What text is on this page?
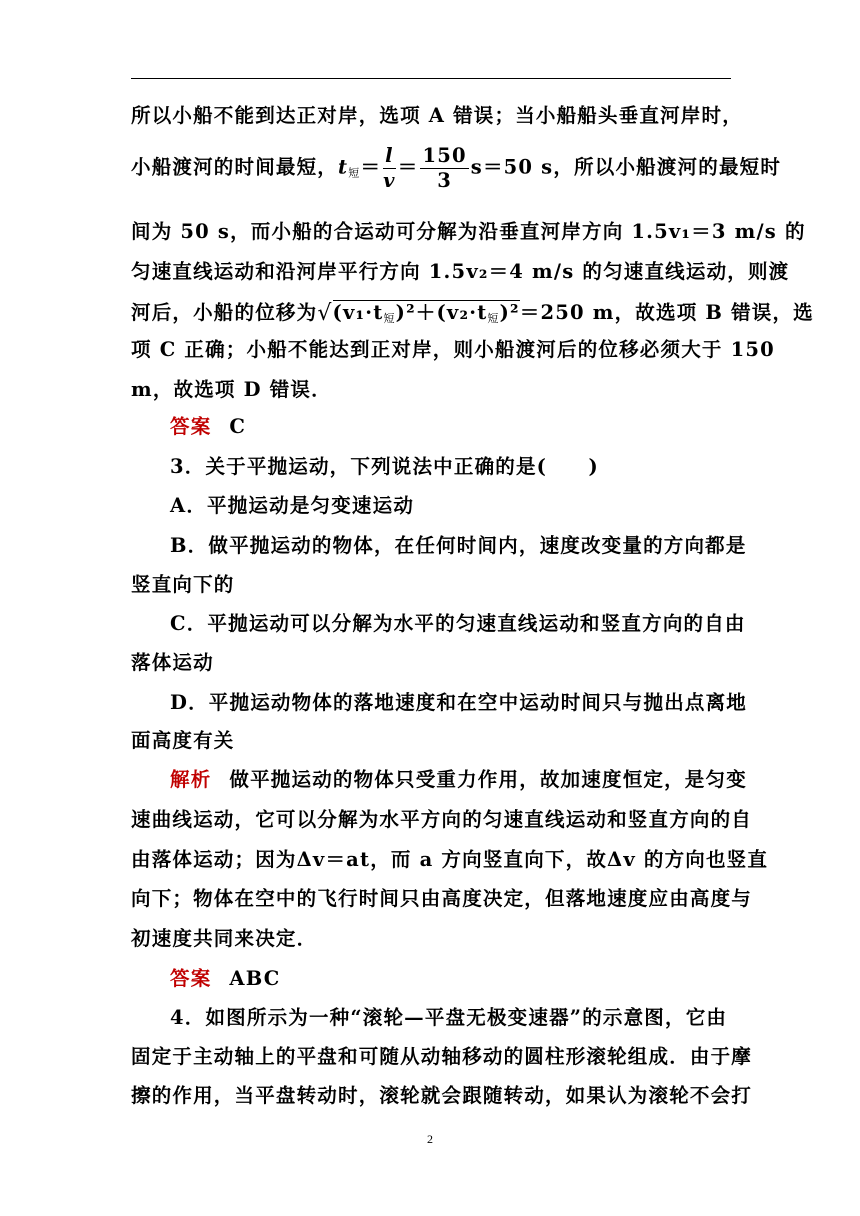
所以小船不能到达正对岸，选项 A 错误；当小船船头垂直河岸时，
小船渡河的时间最短，$t_短= \frac{l}{v} = \frac{150}{3} s=50$ s，所以小船渡河的最短时
间为 50 s，而小船的合运动可分解为沿垂直河岸方向 1.5v₁＝3 m/s 的
匀速直线运动和沿河岸平行方向 1.5v₂＝4 m/s 的匀速直线运动，则渡
河后，小船的位移为$√(v_1\cdot t_短)^2+(v_2\cdot t_短)^2=250$ m，故选项 B 错误，选
项 C 正确；小船不能达到正对岸，则小船渡河后的位移必须大于 150
m，故选项 D 错误．
答案 C
3．关于平抛运动，下列说法中正确的是(　　)
A．平抛运动是匀变速运动
B．做平抛运动的物体，在任何时间内，速度改变量的方向都是
竖直向下的
C．平抛运动可以分解为水平的匀速直线运动和竖直方向的自由
落体运动
D．平抛运动物体的落地速度和在空中运动时间只与抛出点离地
面高度有关
解析 做平抛运动的物体只受重力作用，故加速度恒定，是匀变
速曲线运动，它可以分解为水平方向的匀速直线运动和竖直方向的自
由落体运动；因为Δv＝at，而 a 方向竖直向下，故Δv 的方向也竖直
向下；物体在空中的飞行时间只由高度决定，但落地速度应由高度与
初速度共同来决定．
答案 ABC
4．如图所示为一种“滚轮—平盘无极变速器”的示意图，它由
固定于主动轴上的平盘和可随从动轴移动的圆柱形滚轮组成．由于摩
擦的作用，当平盘转动时，滚轮就会跟随转动，如果认为滚轮不会打
2
